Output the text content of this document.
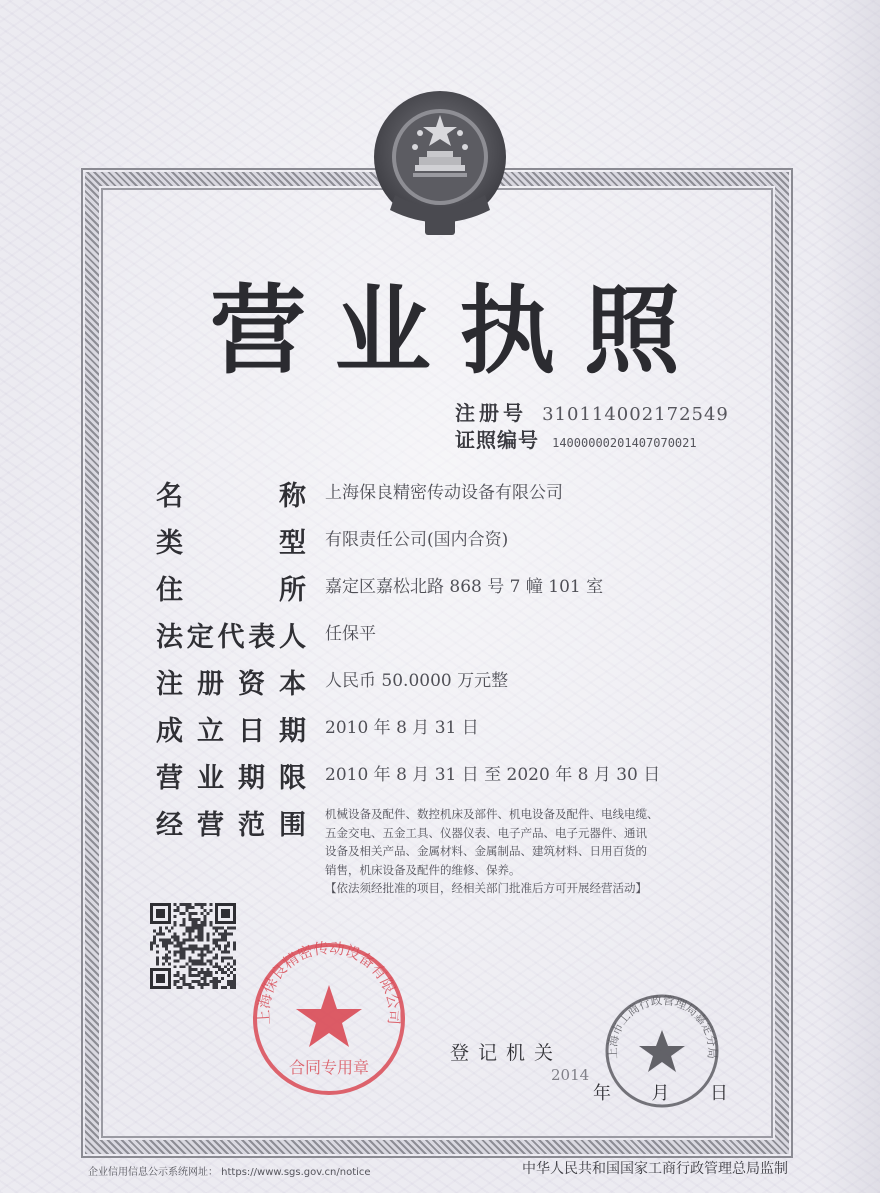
营 业 执 照
注册号 310114002172549
证照编号 14000000201407070021
名	称 上海保良精密传动设备有限公司
类	型 有限责任公司(国内合资)
住	所 嘉定区嘉松北路 868 号 7 幢 101 室
法 定 代 表 人 任保平
注 册 资 本 人民币 50.0000 万元整
成 立 日 期 2010 年 8 月 31 日
营 业 期 限 2010 年 8 月 31 日 至 2020 年 8 月 30 日
经 营 范 围 机械设备及配件、数控机床及部件、机电设备及配件、电线电缆、
五金交电、五金工具、仪器仪表、电子产品、电子元器件、通讯
设备及相关产品、金属材料、金属制品、建筑材料、日用百货的
销售，机床设备及配件的维修、保养。
【依法须经批准的项目，经相关部门批准后方可开展经营活动】
上海保良精密传动设备有限公司
合同专用章
上海市工商行政管理局嘉定分局
登记机关
2014
年 月 日
企业信用信息公示系统网址： https://www.sgs.gov.cn/notice	中华人民共和国国家工商行政管理总局监制
